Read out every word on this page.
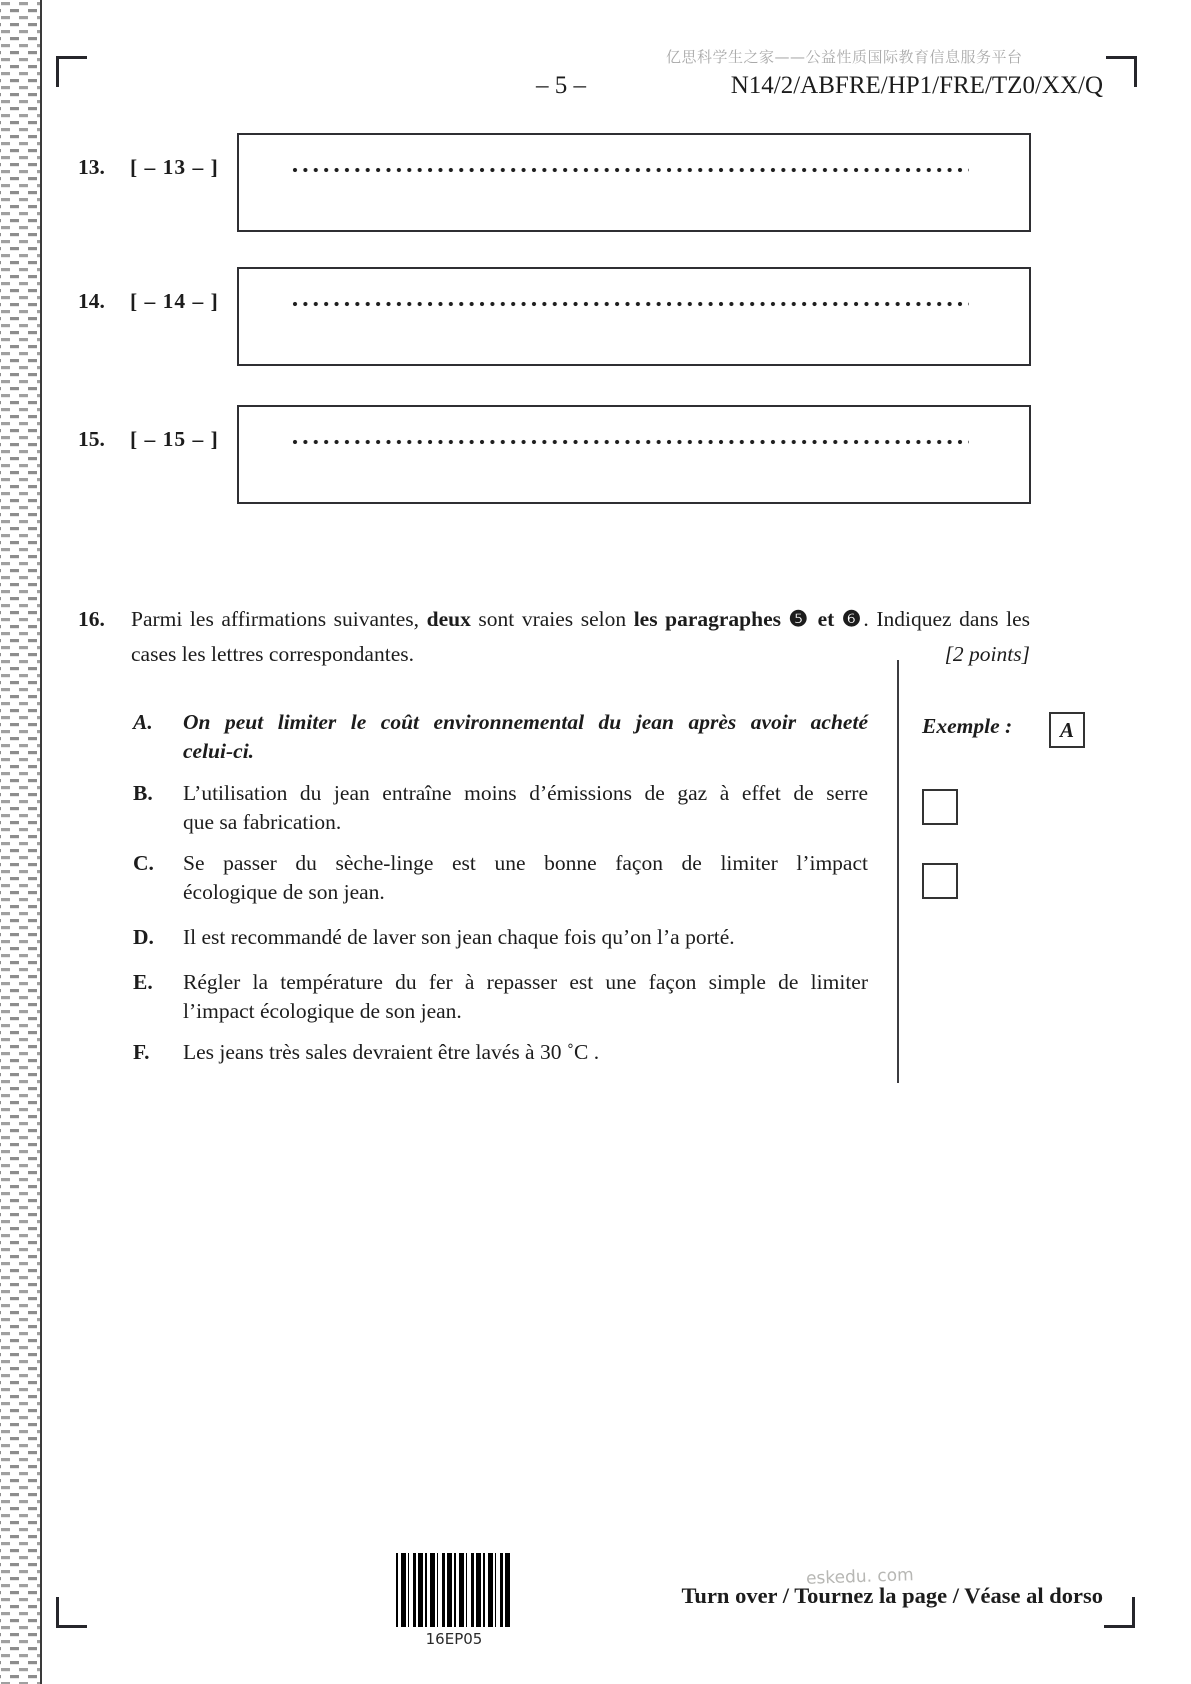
亿思科学生之家——公益性质国际教育信息服务平台
– 5 –	N14/2/ABFRE/HP1/FRE/TZ0/XX/Q
13. [ – 13 – ]
14. [ – 14 – ]
15. [ – 15 – ]
16. Parmi les affirmations suivantes, deux sont vraies selon les paragraphes ❺ et ❻. Indiquez dans les
cases les lettres correspondantes.	[2 points]
A. On peut limiter le coût environnemental du jean après avoir acheté
celui-ci.
B. L’utilisation du jean entraîne moins d’émissions de gaz à effet de serre
que sa fabrication.
C. Se passer du sèche-linge est une bonne façon de limiter l’impact
écologique de son jean.
D. Il est recommandé de laver son jean chaque fois qu’on l’a porté.
E. Régler la température du fer à repasser est une façon simple de limiter
l’impact écologique de son jean.
F. Les jeans très sales devraient être lavés à 30 ˚C .
Exemple : A
16EP05
Turn over / Tournez la page / Véase al dorso
eskedu. com
